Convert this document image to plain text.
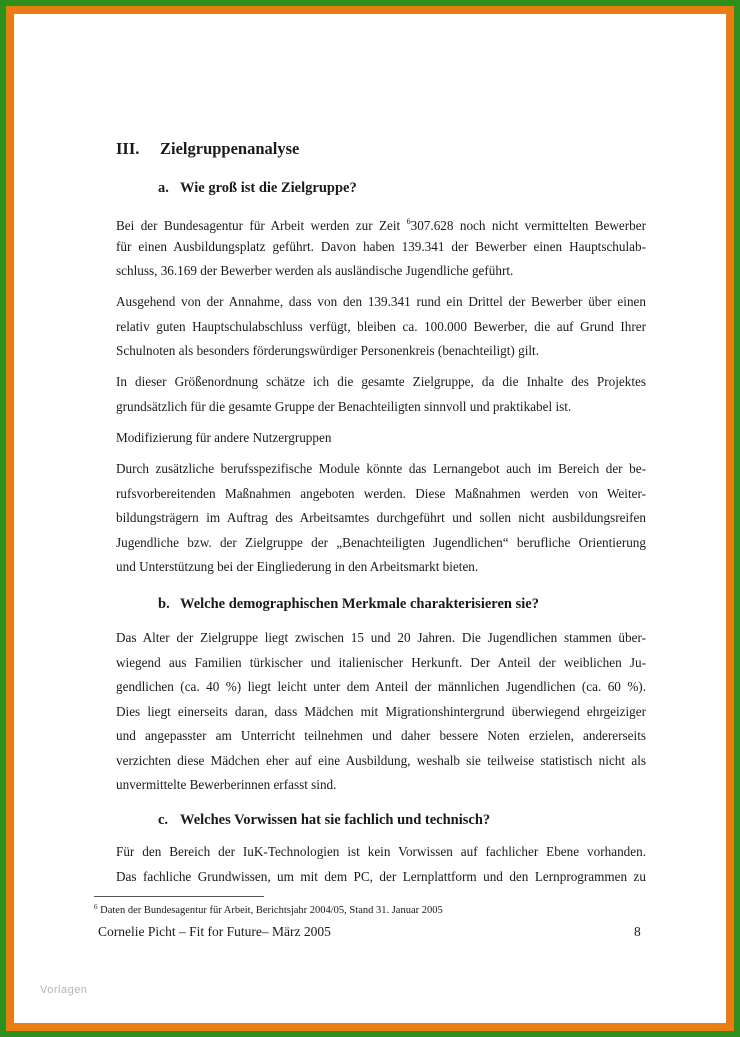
III. Zielgruppenanalyse
a. Wie groß ist die Zielgruppe?
Bei der Bundesagentur für Arbeit werden zur Zeit $^6$307.628 noch nicht vermittelten Bewerber
für einen Ausbildungsplatz geführt. Davon haben 139.341 der Bewerber einen Hauptschulab-
schluss, 36.169 der Bewerber werden als ausländische Jugendliche geführt.
Ausgehend von der Annahme, dass von den 139.341 rund ein Drittel der Bewerber über einen
relativ guten Hauptschulabschluss verfügt, bleiben ca. 100.000 Bewerber, die auf Grund Ihrer
Schulnoten als besonders förderungswürdiger Personenkreis (benachteiligt) gilt.
In dieser Größenordnung schätze ich die gesamte Zielgruppe, da die Inhalte des Projektes
grundsätzlich für die gesamte Gruppe der Benachteiligten sinnvoll und praktikabel ist.
Modifizierung für andere Nutzergruppen
Durch zusätzliche berufsspezifische Module könnte das Lernangebot auch im Bereich der be-
rufsvorbereitenden Maßnahmen angeboten werden. Diese Maßnahmen werden von Weiter-
bildungsträgern im Auftrag des Arbeitsamtes durchgeführt und sollen nicht ausbildungsreifen
Jugendliche bzw. der Zielgruppe der „Benachteiligten Jugendlichen“ berufliche Orientierung
und Unterstützung bei der Eingliederung in den Arbeitsmarkt bieten.
b. Welche demographischen Merkmale charakterisieren sie?
Das Alter der Zielgruppe liegt zwischen 15 und 20 Jahren. Die Jugendlichen stammen über-
wiegend aus Familien türkischer und italienischer Herkunft. Der Anteil der weiblichen Ju-
gendlichen (ca. 40 %) liegt leicht unter dem Anteil der männlichen Jugendlichen (ca. 60 %).
Dies liegt einerseits daran, dass Mädchen mit Migrationshintergrund überwiegend ehrgeiziger
und angepasster am Unterricht teilnehmen und daher bessere Noten erzielen, andererseits
verzichten diese Mädchen eher auf eine Ausbildung, weshalb sie teilweise statistisch nicht als
unvermittelte Bewerberinnen erfasst sind.
c. Welches Vorwissen hat sie fachlich und technisch?
Für den Bereich der IuK-Technologien ist kein Vorwissen auf fachlicher Ebene vorhanden.
Das fachliche Grundwissen, um mit dem PC, der Lernplattform und den Lernprogrammen zu
$^6$ Daten der Bundesagentur für Arbeit, Berichtsjahr 2004/05, Stand 31. Januar 2005
Cornelie Picht – Fit for Future– März 2005	8
Vorlagen
